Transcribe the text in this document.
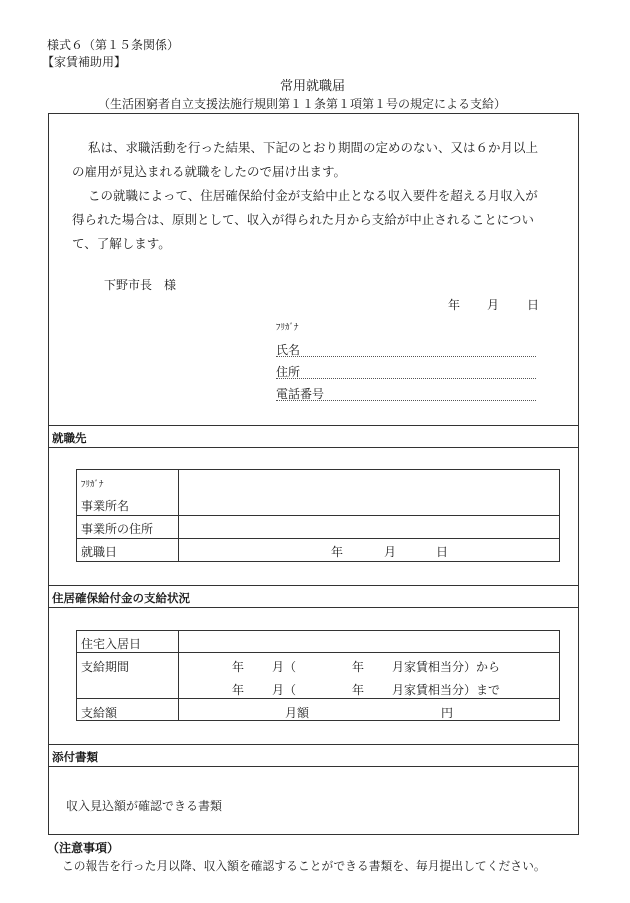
様式６（第１５条関係）
【家賃補助用】
常用就職届
（生活困窮者自立支援法施行規則第１１条第１項第１号の規定による支給）
私は、求職活動を行った結果、下記のとおり期間の定めのない、又は６か月以上
の雇用が見込まれる就職をしたので届け出ます。
この就職によって、住居確保給付金が支給中止となる収入要件を超える月収入が
得られた場合は、原則として、収入が得られた月から支給が中止されることについ
て、了解します。
下野市長　様
年 月 日
ﾌﾘｶﾞﾅ
氏名
住所
電話番号
就職先
ﾌﾘｶﾞﾅ
事業所名
事業所の住所
就職日	年	月	日
住居確保給付金の支給状況
住宅入居日
支給期間	年 月（	年 月家賃相当分）から
年 月（	年 月家賃相当分）まで
支給額	月額	円
添付書類
収入見込額が確認できる書類
（注意事項）
この報告を行った月以降、収入額を確認することができる書類を、毎月提出してください。
